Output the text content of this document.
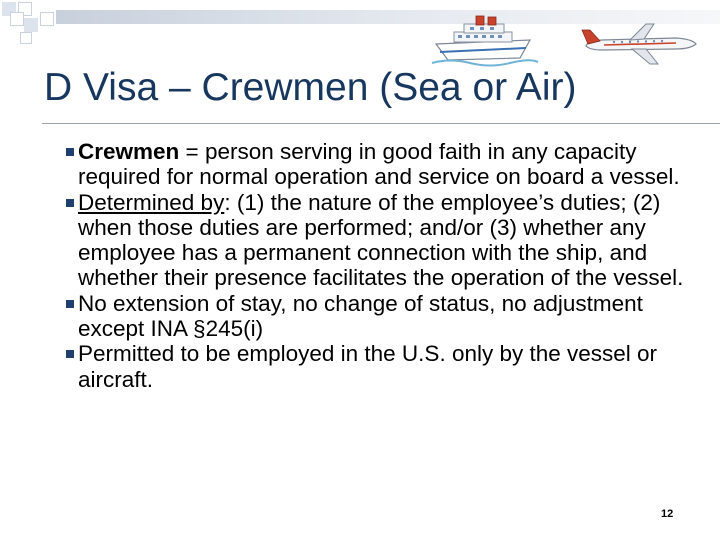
D Visa – Crewmen (Sea or Air)
Crewmen = person serving in good faith in any capacity required for normal operation and service on board a vessel.
Determined by: (1) the nature of the employee’s duties; (2) when those duties are performed; and/or (3) whether any employee has a permanent connection with the ship, and whether their presence facilitates the operation of the vessel.
No extension of stay, no change of status, no adjustment except INA §245(i)
Permitted to be employed in the U.S. only by the vessel or aircraft.
12
